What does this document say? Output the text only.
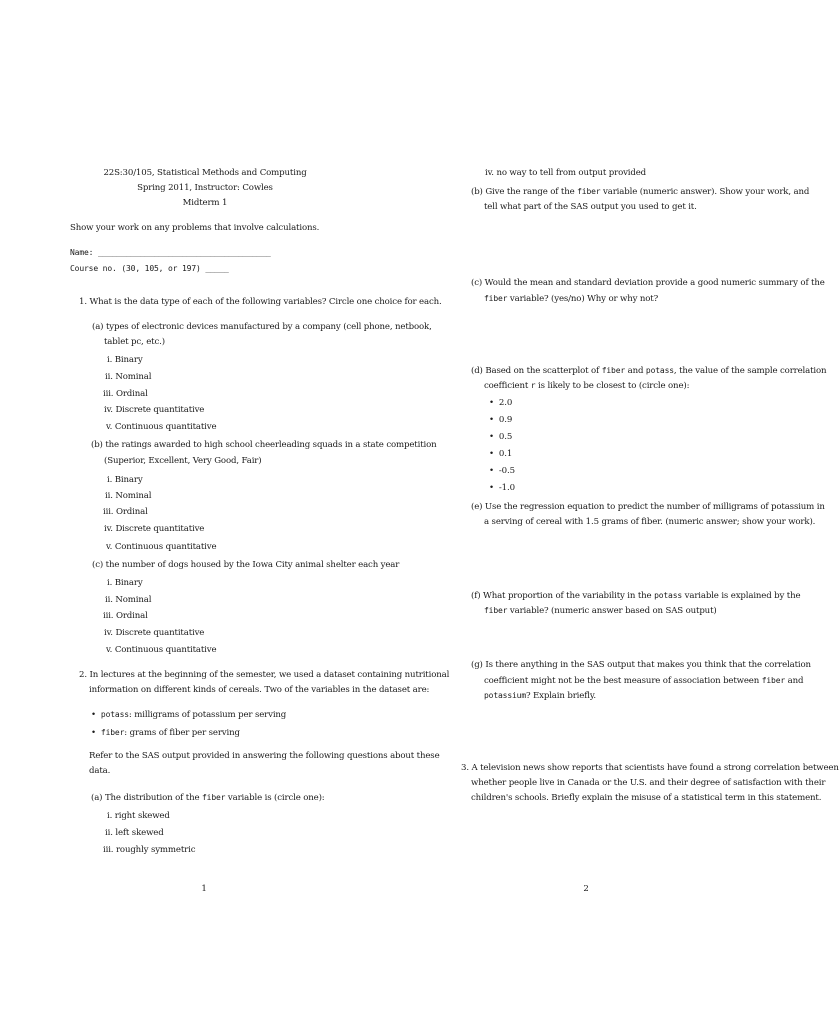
22S:30/105, Statistical Methods and Computing
Spring 2011, Instructor: Cowles
Midterm 1
Show your work on any problems that involve calculations.
Name: _____________________________________
Course no. (30, 105, or 197) _____
1. What is the data type of each of the following variables? Circle one choice for each.
(a) types of electronic devices manufactured by a company (cell phone, netbook,
tablet pc, etc.)
i. Binary
ii. Nominal
iii. Ordinal
iv. Discrete quantitative
v. Continuous quantitative
(b) the ratings awarded to high school cheerleading squads in a state competition
(Superior, Excellent, Very Good, Fair)
i. Binary
ii. Nominal
iii. Ordinal
iv. Discrete quantitative
v. Continuous quantitative
(c) the number of dogs housed by the Iowa City animal shelter each year
i. Binary
ii. Nominal
iii. Ordinal
iv. Discrete quantitative
v. Continuous quantitative
2. In lectures at the beginning of the semester, we used a dataset containing nutritional
information on different kinds of cereals. Two of the variables in the dataset are:
• potass: milligrams of potassium per serving
• fiber: grams of fiber per serving
Refer to the SAS output provided in answering the following questions about these
data.
(a) The distribution of the fiber variable is (circle one):
i. right skewed
ii. left skewed
iii. roughly symmetric
1
iv. no way to tell from output provided
(b) Give the range of the fiber variable (numeric answer). Show your work, and
tell what part of the SAS output you used to get it.
(c) Would the mean and standard deviation provide a good numeric summary of the
fiber variable? (yes/no) Why or why not?
(d) Based on the scatterplot of fiber and potass, the value of the sample correlation
coefficient r is likely to be closest to (circle one):
• 2.0
• 0.9
• 0.5
• 0.1
• -0.5
• -1.0
(e) Use the regression equation to predict the number of milligrams of potassium in
a serving of cereal with 1.5 grams of fiber. (numeric answer; show your work).
(f) What proportion of the variability in the potass variable is explained by the
fiber variable? (numeric answer based on SAS output)
(g) Is there anything in the SAS output that makes you think that the correlation
coefficient might not be the best measure of association between fiber and
potassium? Explain briefly.
3. A television news show reports that scientists have found a strong correlation between
whether people live in Canada or the U.S. and their degree of satisfaction with their
children's schools. Briefly explain the misuse of a statistical term in this statement.
2
